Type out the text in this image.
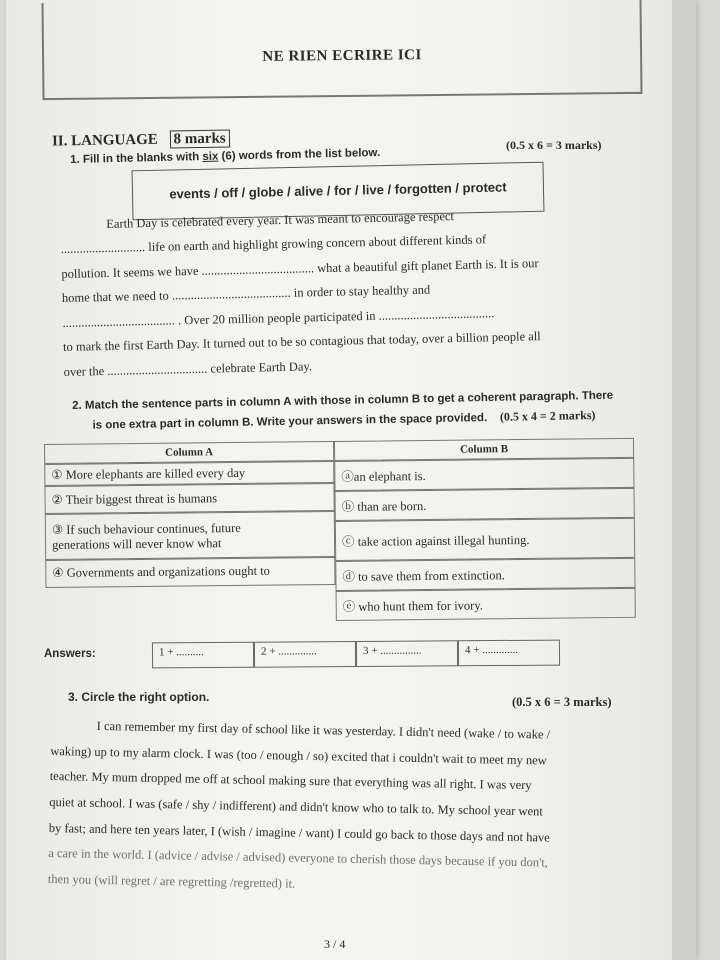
NE RIEN ECRIRE ICI
II. LANGUAGE 8 marks
1. Fill in the blanks with six (6) words from the list below.
(0.5 x 6 = 3 marks)
events / off / globe / alive / for / live / forgotten / protect
Earth Day is celebrated every year. It was meant to encourage respect
........................... life on earth and highlight growing concern about different kinds of
pollution. It seems we have .................................... what a beautiful gift planet Earth is. It is our
home that we need to ...................................... in order to stay healthy and
.................................... . Over 20 million people participated in .....................................
to mark the first Earth Day. It turned out to be so contagious that today, over a billion people all
over the ................................ celebrate Earth Day.
2. Match the sentence parts in column A with those in column B to get a coherent paragraph. There
is one extra part in column B. Write your answers in the space provided. (0.5 x 4 = 2 marks)
Column A	Column B
① More elephants are killed every day	ⓐan elephant is.
② Their biggest threat is humans	ⓑ than are born.
③ If such behaviour continues, future
generations will never know what	ⓒ take action against illegal hunting.
④ Governments and organizations ought to	ⓓ to save them from extinction.
ⓔ who hunt them for ivory.
Answers:	1 + ..........	2 + ..............	3 + ...............	4 + .............
3. Circle the right option.	(0.5 x 6 = 3 marks)
I can remember my first day of school like it was yesterday. I didn't need (wake / to wake /
waking) up to my alarm clock. I was (too / enough / so) excited that i couldn't wait to meet my new
teacher. My mum dropped me off at school making sure that everything was all right. I was very
quiet at school. I was (safe / shy / indifferent) and didn't know who to talk to. My school year went
by fast; and here ten years later, I (wish / imagine / want) I could go back to those days and not have
a care in the world. I (advice / advise / advised) everyone to cherish those days because if you don't,
then you (will regret / are regretting /regretted) it.
3 / 4
